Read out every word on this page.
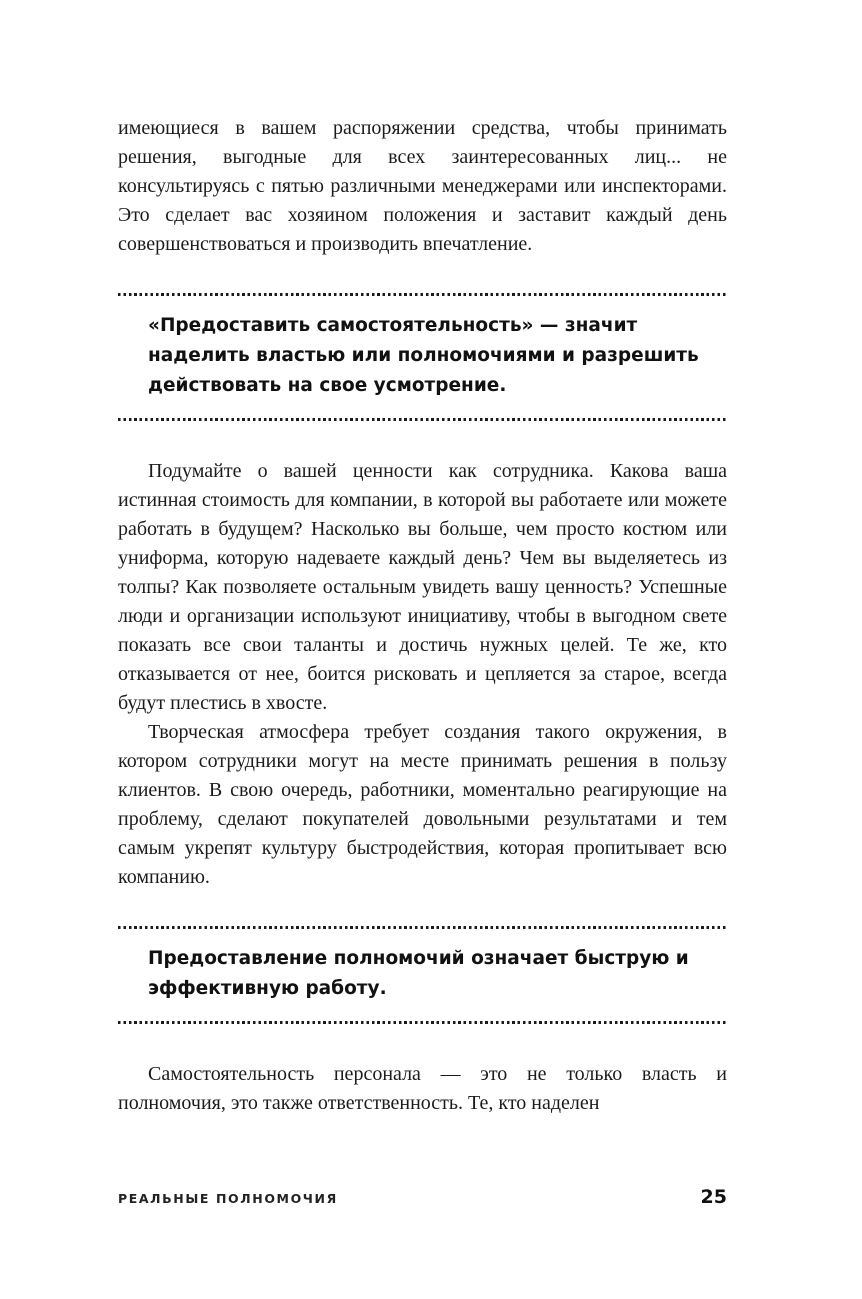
имеющиеся в вашем распоряжении средства, чтобы принимать решения, выгодные для всех заинтересованных лиц... не консультируясь с пятью различными менеджерами или инспекторами. Это сделает вас хозяином положения и заставит каждый день совершенствоваться и производить впечатление.

«Предоставить самостоятельность» — значит наделить властью или полномочиями и разрешить действовать на свое усмотрение.

Подумайте о вашей ценности как сотрудника. Какова ваша истинная стоимость для компании, в которой вы работаете или можете работать в будущем? Насколько вы больше, чем просто костюм или униформа, которую надеваете каждый день? Чем вы выделяетесь из толпы? Как позволяете остальным увидеть вашу ценность? Успешные люди и организации используют инициативу, чтобы в выгодном свете показать все свои таланты и достичь нужных целей. Те же, кто отказывается от нее, боится рисковать и цепляется за старое, всегда будут плестись в хвосте.

Творческая атмосфера требует создания такого окружения, в котором сотрудники могут на месте принимать решения в пользу клиентов. В свою очередь, работники, моментально реагирующие на проблему, сделают покупателей довольными результатами и тем самым укрепят культуру быстродействия, которая пропитывает всю компанию.

Предоставление полномочий означает быструю и эффективную работу.

Самостоятельность персонала — это не только власть и полномочия, это также ответственность. Те, кто наделен

РЕАЛЬНЫЕ ПОЛНОМОЧИЯ	25
